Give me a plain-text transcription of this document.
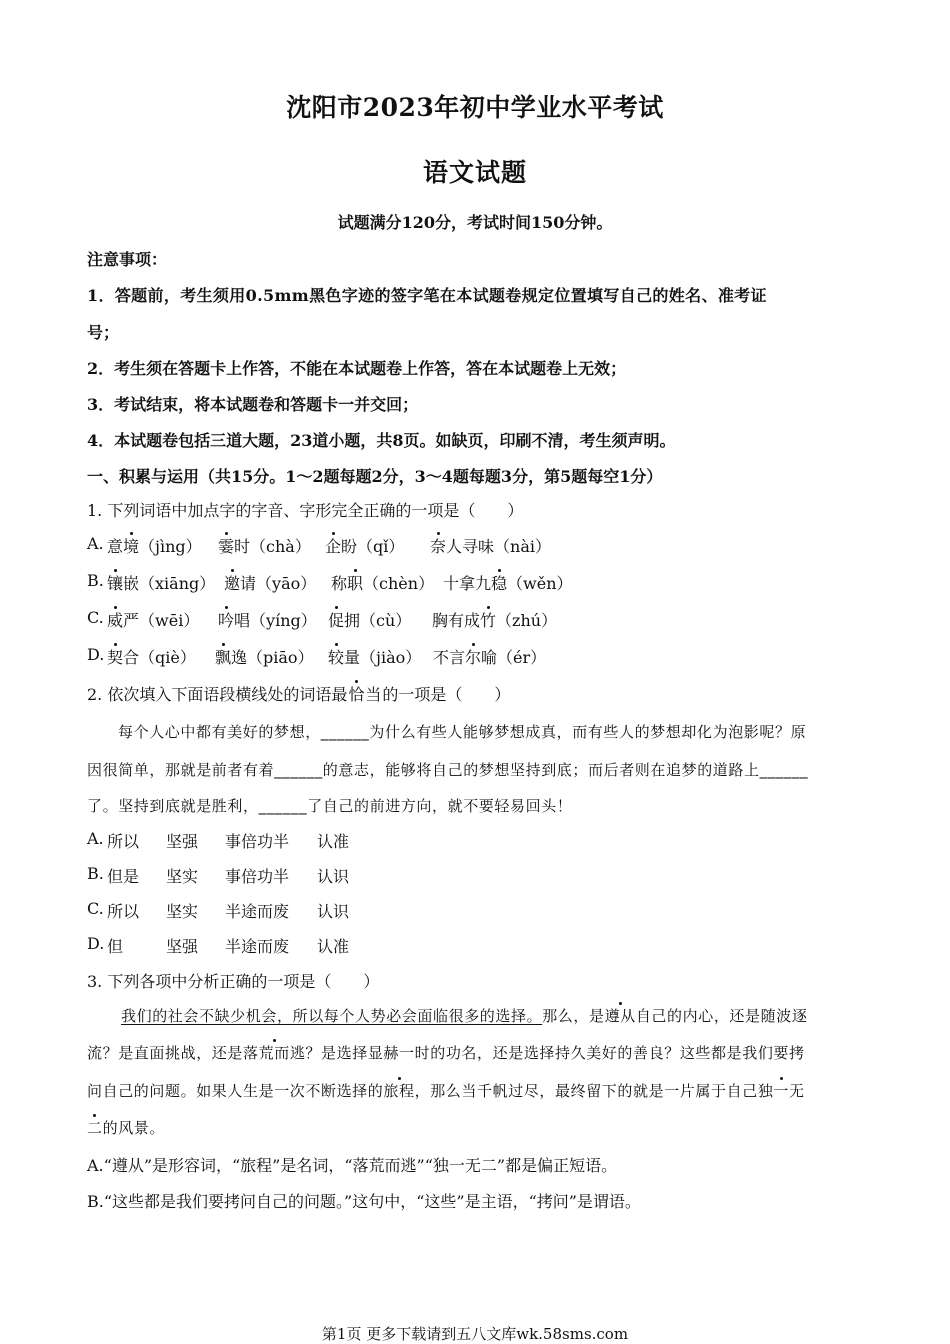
沈阳市2023年初中学业水平考试
语文试题
试题满分120分，考试时间150分钟。
注意事项：
1．答题前，考生须用0.5mm黑色字迹的签字笔在本试题卷规定位置填写自己的姓名、准考证
号；
2．考生须在答题卡上作答，不能在本试题卷上作答，答在本试题卷上无效；
3．考试结束，将本试题卷和答题卡一并交回；
4．本试题卷包括三道大题，23道小题，共8页。如缺页，印刷不清，考生须声明。
一、积累与运用（共15分。1～2题每题2分，3～4题每题3分，第5题每空1分）
1. 下列词语中加点字的字音、字形完全正确的一项是（　　）
A. 意境（jìng） 霎时（chà） 企盼（qǐ） 奈人寻味（nài）
B. 镶嵌（xiāng） 邀请（yāo） 称职（chèn） 十拿九稳（wěn）
C. 威严（wēi） 吟唱（yíng） 促拥（cù） 胸有成竹（zhú）
D. 契合（qiè） 飘逸（piāo） 较量（jiào） 不言尔喻（ér）
2. 依次填入下面语段横线处的词语最恰当的一项是（　　）
每个人心中都有美好的梦想，______为什么有些人能够梦想成真，而有些人的梦想却化为泡影呢？原
因很简单，那就是前者有着______的意志，能够将自己的梦想坚持到底；而后者则在追梦的道路上______
了。坚持到底就是胜利，______了自己的前进方向，就不要轻易回头！
A. 所以 坚强 事倍功半 认准
B. 但是 坚实 事倍功半 认识
C. 所以 坚实 半途而废 认识
D. 但	坚强 半途而废 认准
3. 下列各项中分析正确的一项是（　　）
我们的社会不缺少机会，所以每个人势必会面临很多的选择。那么，是遵从自己的内心，还是随波逐
流？是直面挑战，还是落荒而逃？是选择显赫一时的功名，还是选择持久美好的善良？这些都是我们要拷
问自己的问题。如果人生是一次不断选择的旅程，那么当千帆过尽，最终留下的就是一片属于自己独一无
二的风景。
A.“遵从”是形容词，“旅程”是名词，“落荒而逃”“独一无二”都是偏正短语。
B.“这些都是我们要拷问自己的问题。”这句中，“这些”是主语，“拷问”是谓语。
第1页 更多下载请到五八文库wk.58sms.com
